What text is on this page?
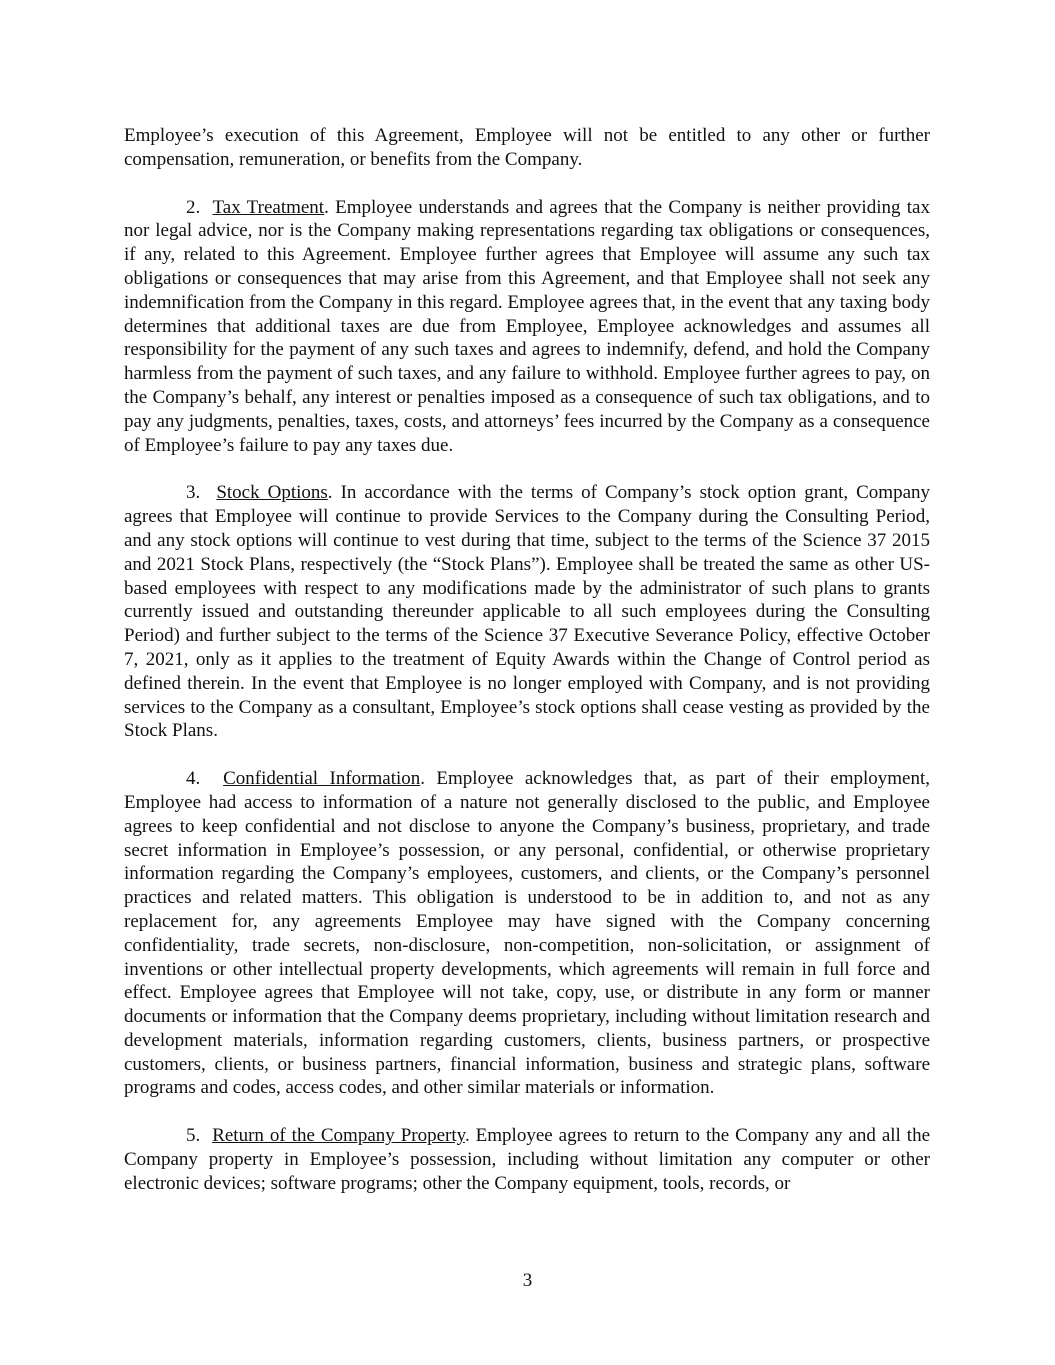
Employee’s execution of this Agreement, Employee will not be entitled to any other or further compensation, remuneration, or benefits from the Company.

2. Tax Treatment. Employee understands and agrees that the Company is neither providing tax nor legal advice, nor is the Company making representations regarding tax obligations or consequences, if any, related to this Agreement. Employee further agrees that Employee will assume any such tax obligations or consequences that may arise from this Agreement, and that Employee shall not seek any indemnification from the Company in this regard. Employee agrees that, in the event that any taxing body determines that additional taxes are due from Employee, Employee acknowledges and assumes all responsibility for the payment of any such taxes and agrees to indemnify, defend, and hold the Company harmless from the payment of such taxes, and any failure to withhold. Employee further agrees to pay, on the Company’s behalf, any interest or penalties imposed as a consequence of such tax obligations, and to pay any judgments, penalties, taxes, costs, and attorneys’ fees incurred by the Company as a consequence of Employee’s failure to pay any taxes due.

3. Stock Options. In accordance with the terms of Company’s stock option grant, Company agrees that Employee will continue to provide Services to the Company during the Consulting Period, and any stock options will continue to vest during that time, subject to the terms of the Science 37 2015 and 2021 Stock Plans, respectively (the “Stock Plans”). Employee shall be treated the same as other US-based employees with respect to any modifications made by the administrator of such plans to grants currently issued and outstanding thereunder applicable to all such employees during the Consulting Period) and further subject to the terms of the Science 37 Executive Severance Policy, effective October 7, 2021, only as it applies to the treatment of Equity Awards within the Change of Control period as defined therein. In the event that Employee is no longer employed with Company, and is not providing services to the Company as a consultant, Employee’s stock options shall cease vesting as provided by the Stock Plans.

4. Confidential Information. Employee acknowledges that, as part of their employment, Employee had access to information of a nature not generally disclosed to the public, and Employee agrees to keep confidential and not disclose to anyone the Company’s business, proprietary, and trade secret information in Employee’s possession, or any personal, confidential, or otherwise proprietary information regarding the Company’s employees, customers, and clients, or the Company’s personnel practices and related matters. This obligation is understood to be in addition to, and not as any replacement for, any agreements Employee may have signed with the Company concerning confidentiality, trade secrets, non-disclosure, non-competition, non-solicitation, or assignment of inventions or other intellectual property developments, which agreements will remain in full force and effect. Employee agrees that Employee will not take, copy, use, or distribute in any form or manner documents or information that the Company deems proprietary, including without limitation research and development materials, information regarding customers, clients, business partners, or prospective customers, clients, or business partners, financial information, business and strategic plans, software programs and codes, access codes, and other similar materials or information.

5. Return of the Company Property. Employee agrees to return to the Company any and all the Company property in Employee’s possession, including without limitation any computer or other electronic devices; software programs; other the Company equipment, tools, records, or

3
